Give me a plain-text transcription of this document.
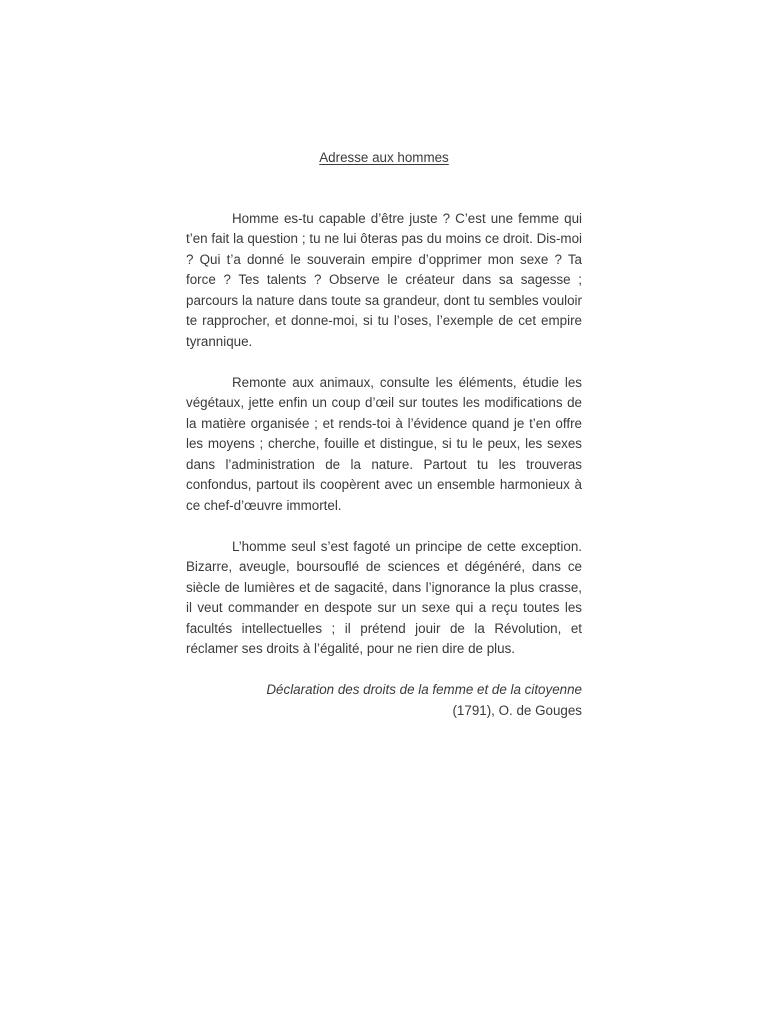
Adresse aux hommes

Homme es-tu capable d’être juste ? C’est une femme qui t’en fait la question ; tu ne lui ôteras pas du moins ce droit. Dis-moi ? Qui t’a donné le souverain empire d’opprimer mon sexe ? Ta force ? Tes talents ? Observe le créateur dans sa sagesse ; parcours la nature dans toute sa grandeur, dont tu sembles vouloir te rapprocher, et donne-moi, si tu l’oses, l’exemple de cet empire tyrannique.

Remonte aux animaux, consulte les éléments, étudie les végétaux, jette enfin un coup d’œil sur toutes les modifications de la matière organisée ; et rends-toi à l’évidence quand je t’en offre les moyens ; cherche, fouille et distingue, si tu le peux, les sexes dans l’administration de la nature. Partout tu les trouveras confondus, partout ils coopèrent avec un ensemble harmonieux à ce chef-d’œuvre immortel.

L’homme seul s’est fagoté un principe de cette exception. Bizarre, aveugle, boursouflé de sciences et dégénéré, dans ce siècle de lumières et de sagacité, dans l’ignorance la plus crasse, il veut commander en despote sur un sexe qui a reçu toutes les facultés intellectuelles ; il prétend jouir de la Révolution, et réclamer ses droits à l’égalité, pour ne rien dire de plus.

Déclaration des droits de la femme et de la citoyenne
(1791), O. de Gouges
